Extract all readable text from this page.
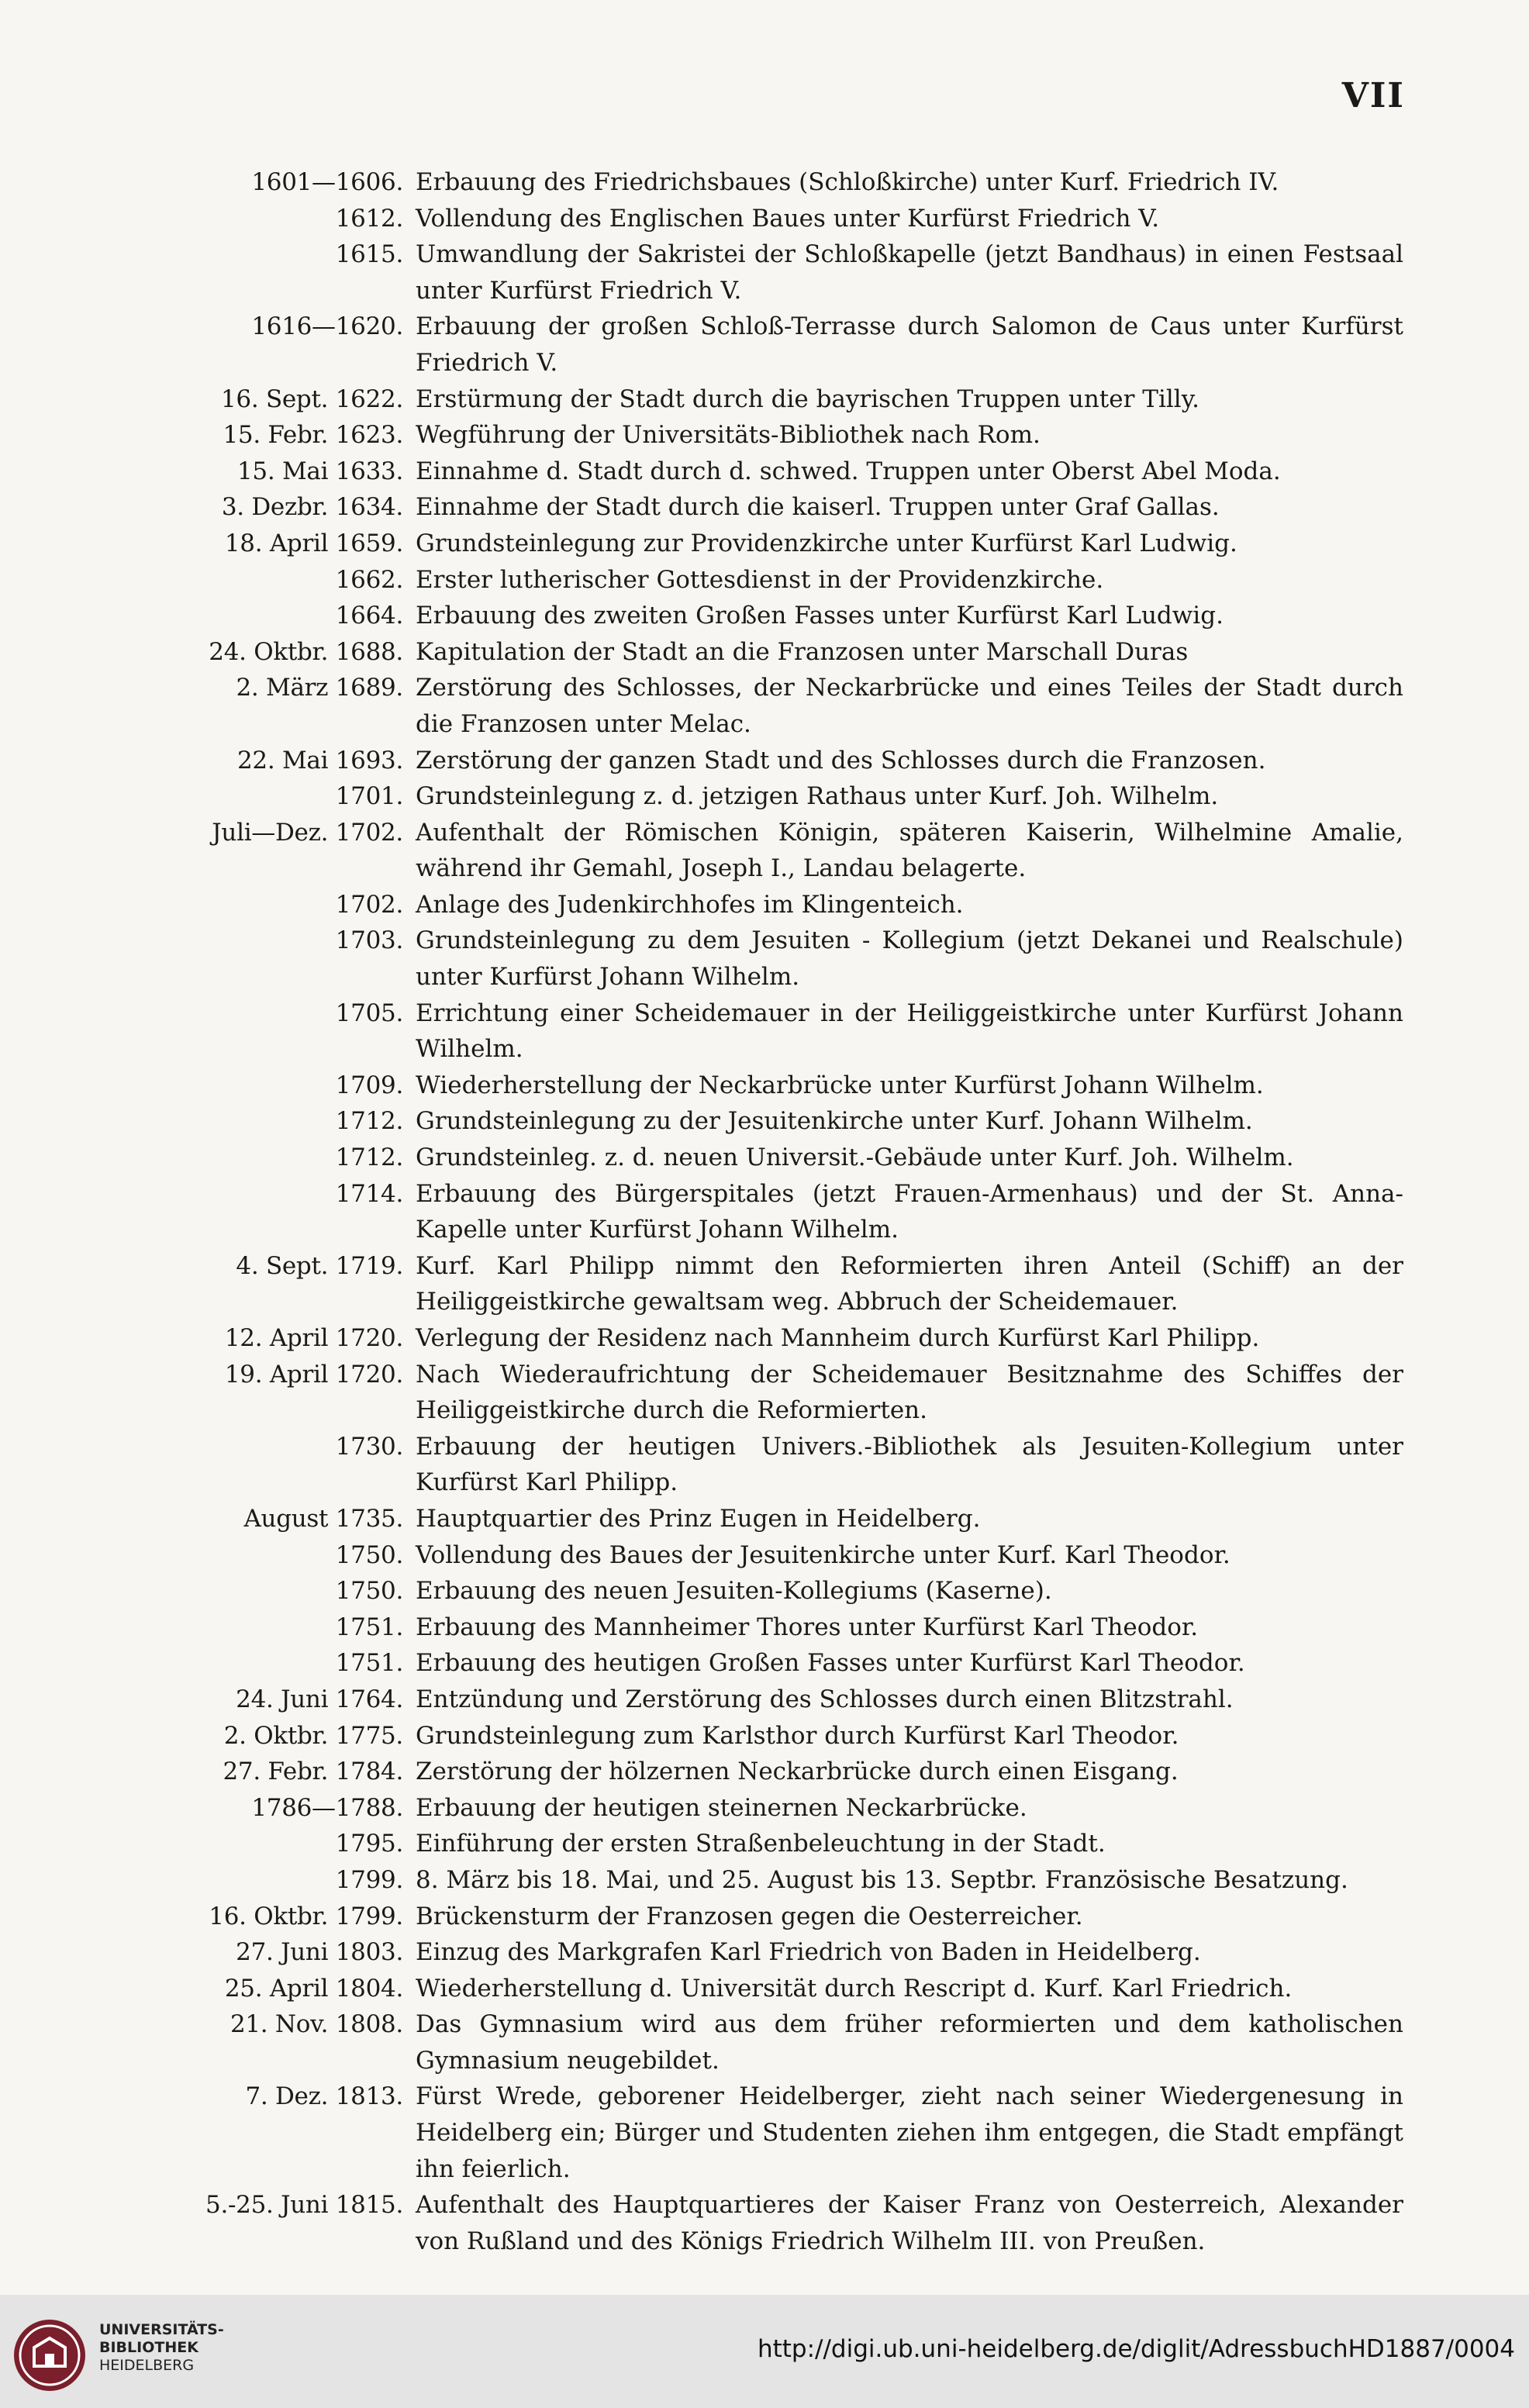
VII
1601—1606. Erbauung des Friedrichsbaues (Schloßkirche) unter Kurf. Friedrich IV.
1612. Vollendung des Englischen Baues unter Kurfürst Friedrich V.
1615. Umwandlung der Sakristei der Schloßkapelle (jetzt Bandhaus) in einen Festsaal unter Kurfürst Friedrich V.
1616—1620. Erbauung der großen Schloß-Terrasse durch Salomon de Caus unter Kurfürst Friedrich V.
16. Sept. 1622. Erstürmung der Stadt durch die bayrischen Truppen unter Tilly.
15. Febr. 1623. Wegführung der Universitäts-Bibliothek nach Rom.
15. Mai 1633. Einnahme d. Stadt durch d. schwed. Truppen unter Oberst Abel Moda.
3. Dezbr. 1634. Einnahme der Stadt durch die kaiserl. Truppen unter Graf Gallas.
18. April 1659. Grundsteinlegung zur Providenzkirche unter Kurfürst Karl Ludwig.
1662. Erster lutherischer Gottesdienst in der Providenzkirche.
1664. Erbauung des zweiten Großen Fasses unter Kurfürst Karl Ludwig.
24. Oktbr. 1688. Kapitulation der Stadt an die Franzosen unter Marschall Duras
2. März 1689. Zerstörung des Schlosses, der Neckarbrücke und eines Teiles der Stadt durch die Franzosen unter Melac.
22. Mai 1693. Zerstörung der ganzen Stadt und des Schlosses durch die Franzosen.
1701. Grundsteinlegung z. d. jetzigen Rathaus unter Kurf. Joh. Wilhelm.
Juli—Dez. 1702. Aufenthalt der Römischen Königin, späteren Kaiserin, Wilhelmine Amalie, während ihr Gemahl, Joseph I., Landau belagerte.
1702. Anlage des Judenkirchhofes im Klingenteich.
1703. Grundsteinlegung zu dem Jesuiten - Kollegium (jetzt Dekanei und Realschule) unter Kurfürst Johann Wilhelm.
1705. Errichtung einer Scheidemauer in der Heiliggeistkirche unter Kurfürst Johann Wilhelm.
1709. Wiederherstellung der Neckarbrücke unter Kurfürst Johann Wilhelm.
1712. Grundsteinlegung zu der Jesuitenkirche unter Kurf. Johann Wilhelm.
1712. Grundsteinleg. z. d. neuen Universit.-Gebäude unter Kurf. Joh. Wilhelm.
1714. Erbauung des Bürgerspitales (jetzt Frauen-Armenhaus) und der St. Anna-Kapelle unter Kurfürst Johann Wilhelm.
4. Sept. 1719. Kurf. Karl Philipp nimmt den Reformierten ihren Anteil (Schiff) an der Heiliggeistkirche gewaltsam weg. Abbruch der Scheidemauer.
12. April 1720. Verlegung der Residenz nach Mannheim durch Kurfürst Karl Philipp.
19. April 1720. Nach Wiederaufrichtung der Scheidemauer Besitznahme des Schiffes der Heiliggeistkirche durch die Reformierten.
1730. Erbauung der heutigen Univers.-Bibliothek als Jesuiten-Kollegium unter Kurfürst Karl Philipp.
August 1735. Hauptquartier des Prinz Eugen in Heidelberg.
1750. Vollendung des Baues der Jesuitenkirche unter Kurf. Karl Theodor.
1750. Erbauung des neuen Jesuiten-Kollegiums (Kaserne).
1751. Erbauung des Mannheimer Thores unter Kurfürst Karl Theodor.
1751. Erbauung des heutigen Großen Fasses unter Kurfürst Karl Theodor.
24. Juni 1764. Entzündung und Zerstörung des Schlosses durch einen Blitzstrahl.
2. Oktbr. 1775. Grundsteinlegung zum Karlsthor durch Kurfürst Karl Theodor.
27. Febr. 1784. Zerstörung der hölzernen Neckarbrücke durch einen Eisgang.
1786—1788. Erbauung der heutigen steinernen Neckarbrücke.
1795. Einführung der ersten Straßenbeleuchtung in der Stadt.
1799. 8. März bis 18. Mai, und 25. August bis 13. Septbr. Französische Besatzung.
16. Oktbr. 1799. Brückensturm der Franzosen gegen die Oesterreicher.
27. Juni 1803. Einzug des Markgrafen Karl Friedrich von Baden in Heidelberg.
25. April 1804. Wiederherstellung d. Universität durch Rescript d. Kurf. Karl Friedrich.
21. Nov. 1808. Das Gymnasium wird aus dem früher reformierten und dem katholischen Gymnasium neugebildet.
7. Dez. 1813. Fürst Wrede, geborener Heidelberger, zieht nach seiner Wiedergenesung in Heidelberg ein; Bürger und Studenten ziehen ihm entgegen, die Stadt empfängt ihn feierlich.
5.-25. Juni 1815. Aufenthalt des Hauptquartieres der Kaiser Franz von Oesterreich, Alexander von Rußland und des Königs Friedrich Wilhelm III. von Preußen.
UNIVERSITÄTS-
BIBLIOTHEK
HEIDELBERG
http://digi.ub.uni-heidelberg.de/diglit/AdressbuchHD1887/0004
